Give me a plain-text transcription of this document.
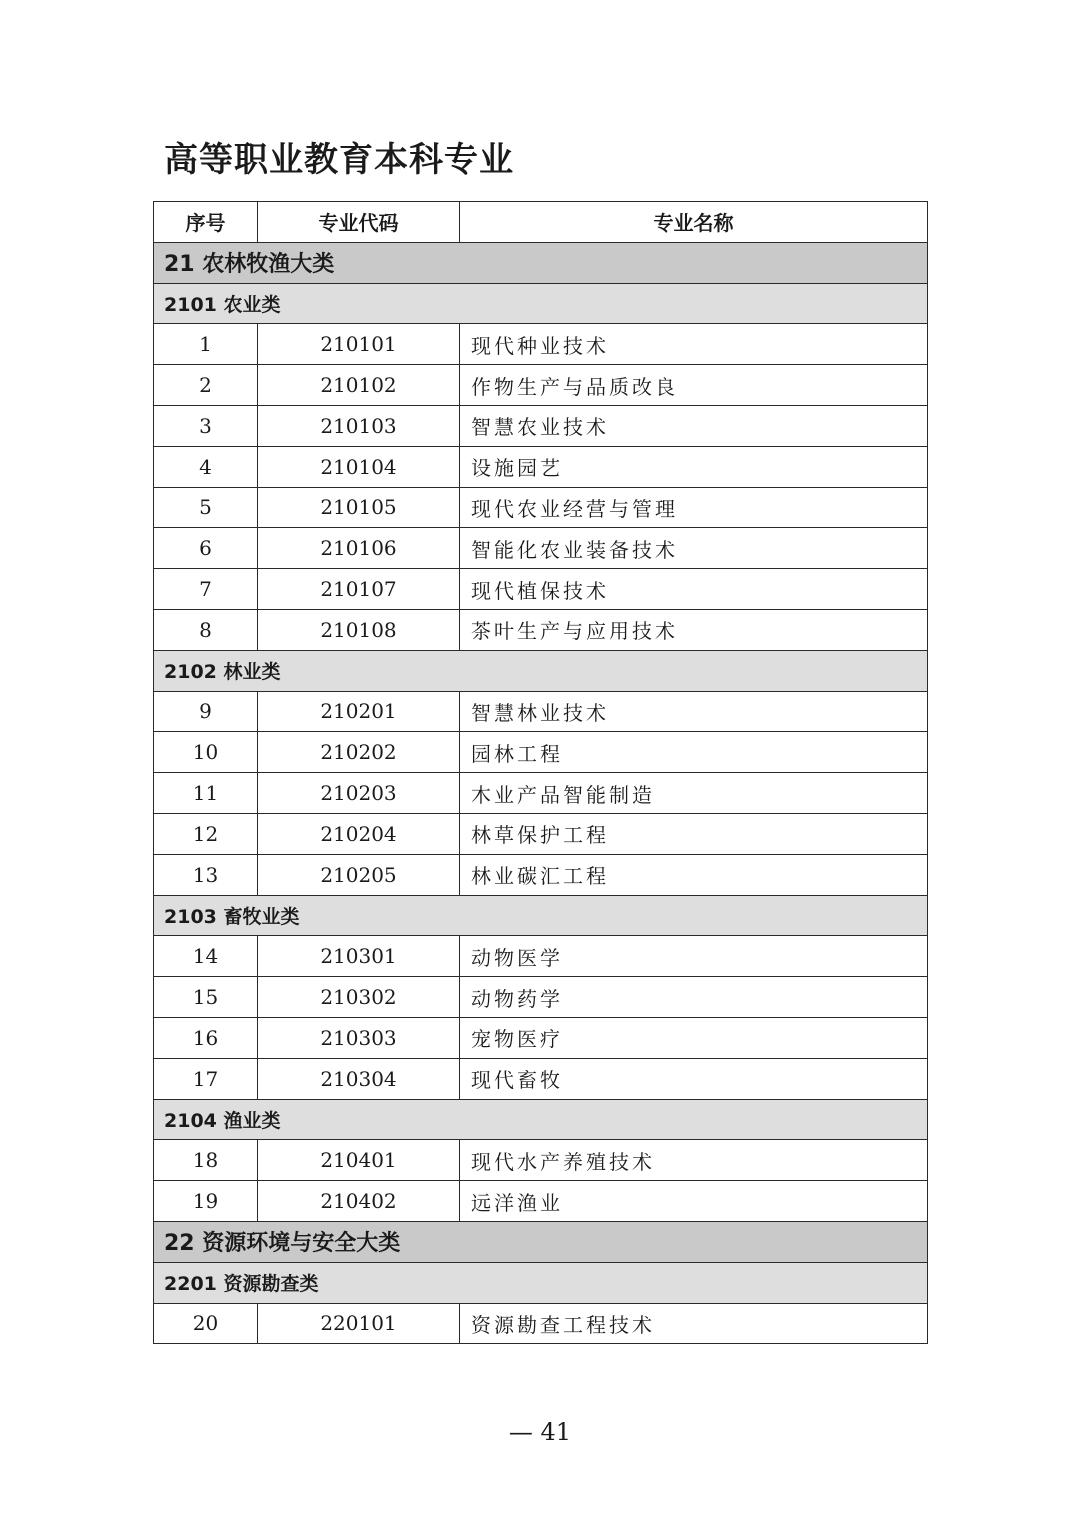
高等职业教育本科专业
序号	专业代码	专业名称
21 农林牧渔大类		
2101 农业类		
1	210101	现代种业技术
2	210102	作物生产与品质改良
3	210103	智慧农业技术
4	210104	设施园艺
5	210105	现代农业经营与管理
6	210106	智能化农业装备技术
7	210107	现代植保技术
8	210108	茶叶生产与应用技术
2102 林业类		
9	210201	智慧林业技术
10	210202	园林工程
11	210203	木业产品智能制造
12	210204	林草保护工程
13	210205	林业碳汇工程
2103 畜牧业类		
14	210301	动物医学
15	210302	动物药学
16	210303	宠物医疗
17	210304	现代畜牧
2104 渔业类		
18	210401	现代水产养殖技术
19	210402	远洋渔业
22 资源环境与安全大类		
2201 资源勘查类		
20	220101	资源勘查工程技术
— 41
